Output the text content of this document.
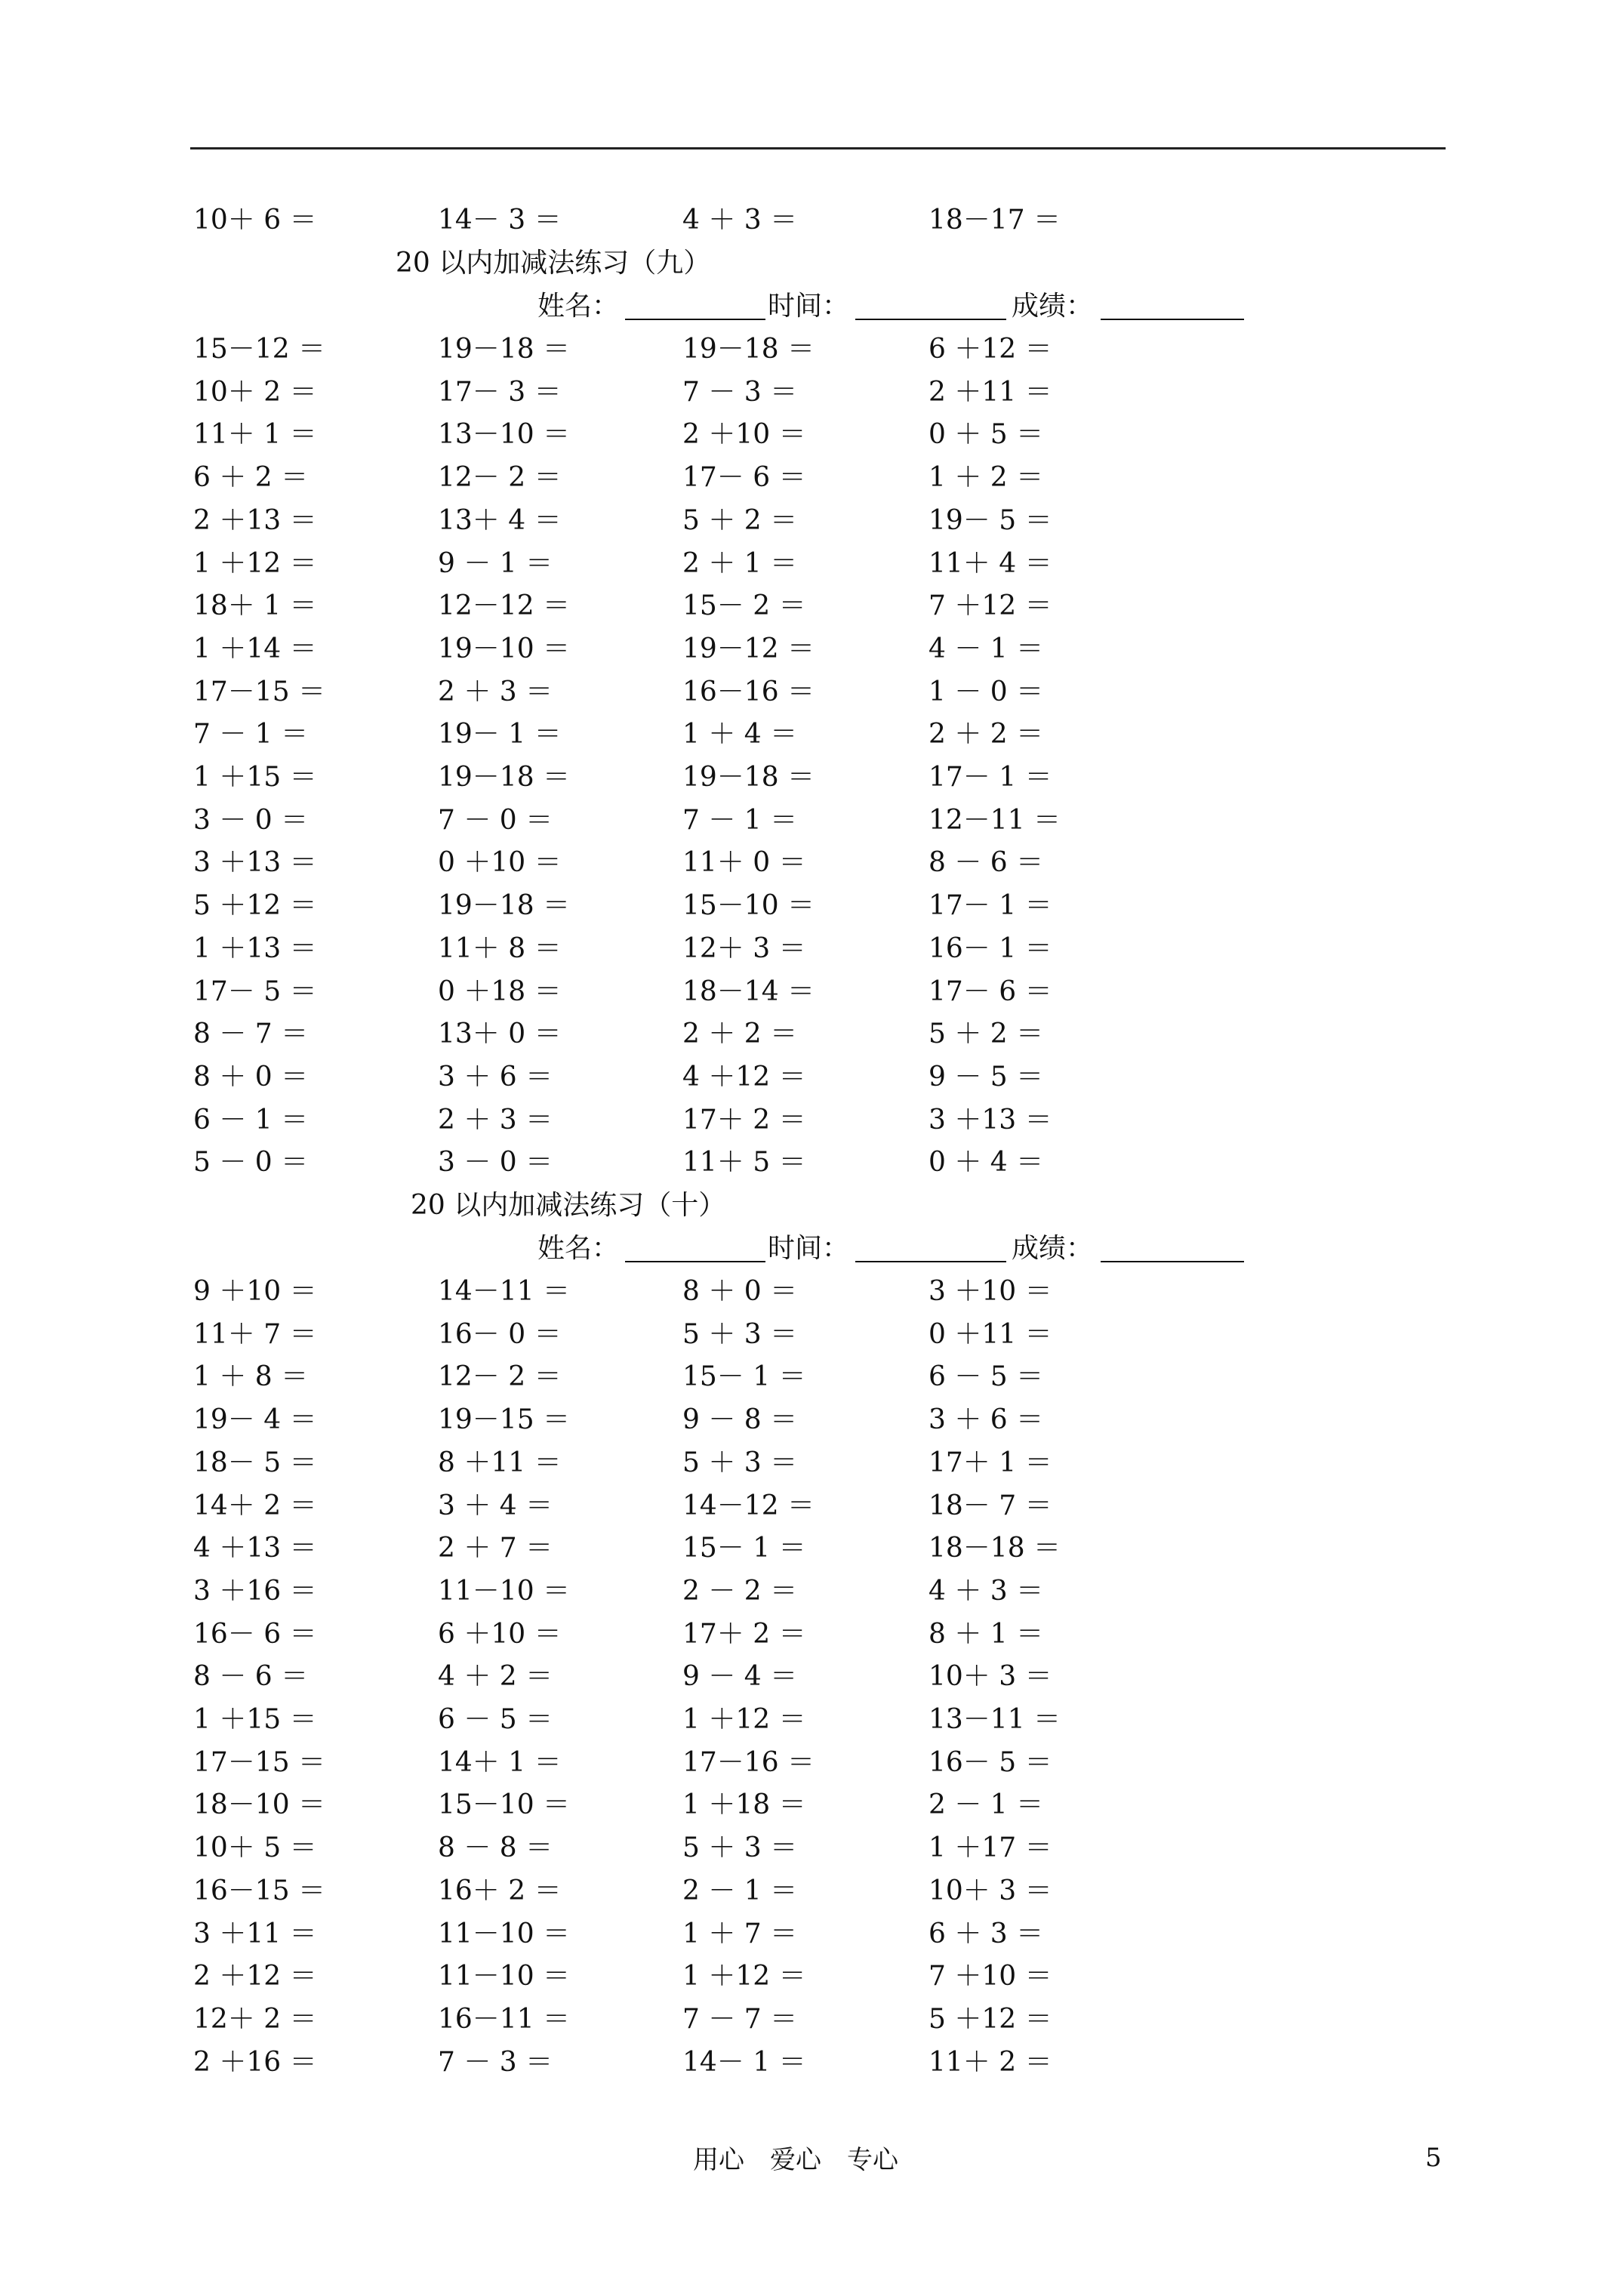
10＋ 6 ＝	14－ 3 ＝	4 ＋ 3 ＝	18－17 ＝
20 以内加减法练习（九）
姓名：	时间：	成绩：
15－12 ＝	19－18 ＝	19－18 ＝	6 ＋12 ＝
10＋ 2 ＝	17－ 3 ＝	7 － 3 ＝	2 ＋11 ＝
11＋ 1 ＝	13－10 ＝	2 ＋10 ＝	0 ＋ 5 ＝
6 ＋ 2 ＝	12－ 2 ＝	17－ 6 ＝	1 ＋ 2 ＝
2 ＋13 ＝	13＋ 4 ＝	5 ＋ 2 ＝	19－ 5 ＝
1 ＋12 ＝	9 － 1 ＝	2 ＋ 1 ＝	11＋ 4 ＝
18＋ 1 ＝	12－12 ＝	15－ 2 ＝	7 ＋12 ＝
1 ＋14 ＝	19－10 ＝	19－12 ＝	4 － 1 ＝
17－15 ＝	2 ＋ 3 ＝	16－16 ＝	1 － 0 ＝
7 － 1 ＝	19－ 1 ＝	1 ＋ 4 ＝	2 ＋ 2 ＝
1 ＋15 ＝	19－18 ＝	19－18 ＝	17－ 1 ＝
3 － 0 ＝	7 － 0 ＝	7 － 1 ＝	12－11 ＝
3 ＋13 ＝	0 ＋10 ＝	11＋ 0 ＝	8 － 6 ＝
5 ＋12 ＝	19－18 ＝	15－10 ＝	17－ 1 ＝
1 ＋13 ＝	11＋ 8 ＝	12＋ 3 ＝	16－ 1 ＝
17－ 5 ＝	0 ＋18 ＝	18－14 ＝	17－ 6 ＝
8 － 7 ＝	13＋ 0 ＝	2 ＋ 2 ＝	5 ＋ 2 ＝
8 ＋ 0 ＝	3 ＋ 6 ＝	4 ＋12 ＝	9 － 5 ＝
6 － 1 ＝	2 ＋ 3 ＝	17＋ 2 ＝	3 ＋13 ＝
5 － 0 ＝	3 － 0 ＝	11＋ 5 ＝	0 ＋ 4 ＝
20 以内加减法练习（十）
姓名：	时间：	成绩：
9 ＋10 ＝	14－11 ＝	8 ＋ 0 ＝	3 ＋10 ＝
11＋ 7 ＝	16－ 0 ＝	5 ＋ 3 ＝	0 ＋11 ＝
1 ＋ 8 ＝	12－ 2 ＝	15－ 1 ＝	6 － 5 ＝
19－ 4 ＝	19－15 ＝	9 － 8 ＝	3 ＋ 6 ＝
18－ 5 ＝	8 ＋11 ＝	5 ＋ 3 ＝	17＋ 1 ＝
14＋ 2 ＝	3 ＋ 4 ＝	14－12 ＝	18－ 7 ＝
4 ＋13 ＝	2 ＋ 7 ＝	15－ 1 ＝	18－18 ＝
3 ＋16 ＝	11－10 ＝	2 － 2 ＝	4 ＋ 3 ＝
16－ 6 ＝	6 ＋10 ＝	17＋ 2 ＝	8 ＋ 1 ＝
8 － 6 ＝	4 ＋ 2 ＝	9 － 4 ＝	10＋ 3 ＝
1 ＋15 ＝	6 － 5 ＝	1 ＋12 ＝	13－11 ＝
17－15 ＝	14＋ 1 ＝	17－16 ＝	16－ 5 ＝
18－10 ＝	15－10 ＝	1 ＋18 ＝	2 － 1 ＝
10＋ 5 ＝	8 － 8 ＝	5 ＋ 3 ＝	1 ＋17 ＝
16－15 ＝	16＋ 2 ＝	2 － 1 ＝	10＋ 3 ＝
3 ＋11 ＝	11－10 ＝	1 ＋ 7 ＝	6 ＋ 3 ＝
2 ＋12 ＝	11－10 ＝	1 ＋12 ＝	7 ＋10 ＝
12＋ 2 ＝	16－11 ＝	7 － 7 ＝	5 ＋12 ＝
2 ＋16 ＝	7 － 3 ＝	14－ 1 ＝	11＋ 2 ＝
用心　爱心　专心	5
